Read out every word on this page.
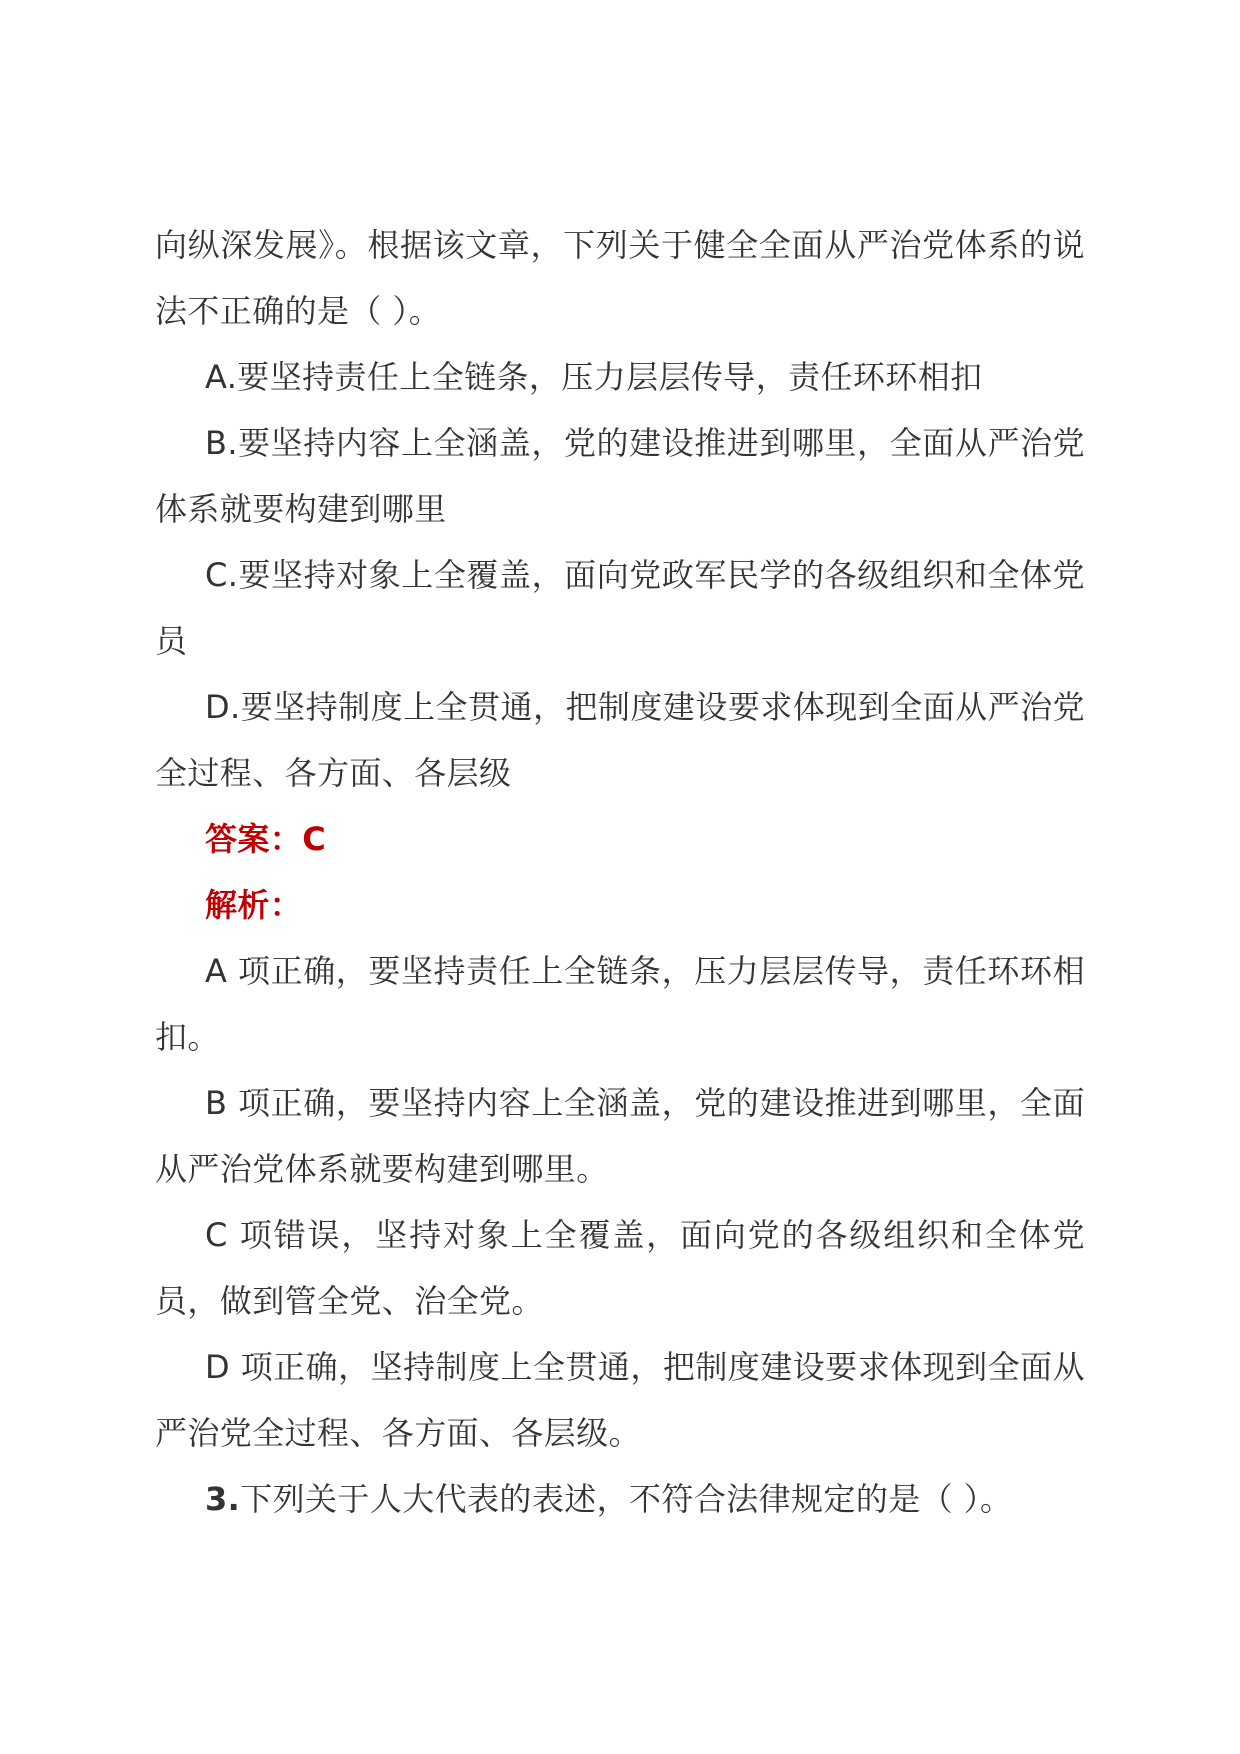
向纵深发展》。根据该文章，下列关于健全全面从严治党体系的说法不正确的是（ ）。

A.要坚持责任上全链条，压力层层传导，责任环环相扣

B.要坚持内容上全涵盖，党的建设推进到哪里，全面从严治党体系就要构建到哪里

C.要坚持对象上全覆盖，面向党政军民学的各级组织和全体党员

D.要坚持制度上全贯通，把制度建设要求体现到全面从严治党全过程、各方面、各层级

答案：C

解析：

A 项正确，要坚持责任上全链条，压力层层传导，责任环环相扣。

B 项正确，要坚持内容上全涵盖，党的建设推进到哪里，全面从严治党体系就要构建到哪里。

C 项错误，坚持对象上全覆盖，面向党的各级组织和全体党员，做到管全党、治全党。

D 项正确，坚持制度上全贯通，把制度建设要求体现到全面从严治党全过程、各方面、各层级。

3.下列关于人大代表的表述，不符合法律规定的是（ ）。
